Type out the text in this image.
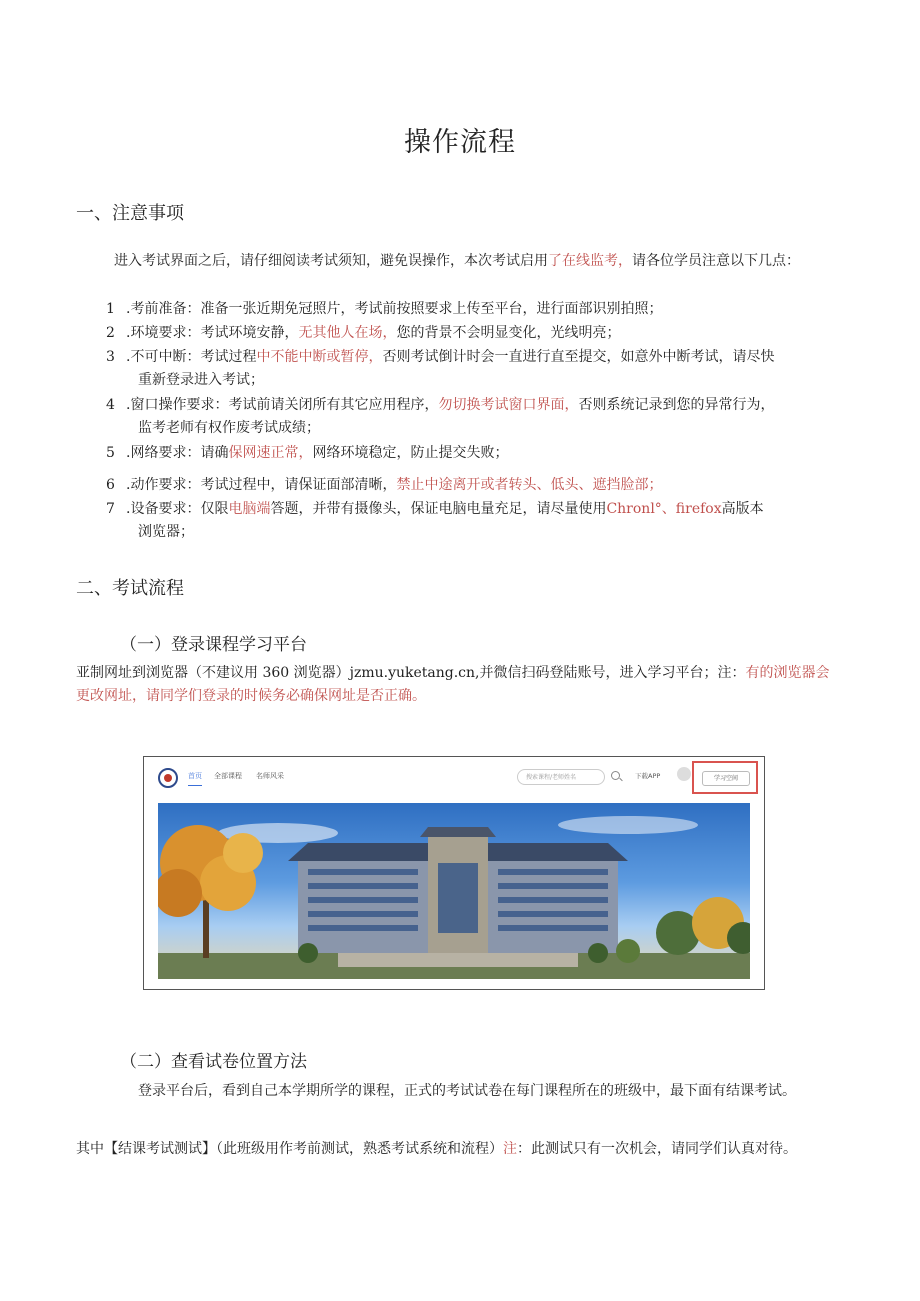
操作流程
一、注意事项
进入考试界面之后，请仔细阅读考试须知，避免误操作，本次考试启用了在线监考，请各位学员注意以下几点：
1 .考前准备：准备一张近期免冠照片，考试前按照要求上传至平台，进行面部识别拍照；
2 .环境要求：考试环境安静，无其他人在场，您的背景不会明显变化，光线明亮；
3 .不可中断：考试过程中不能中断或暂停，否则考试倒计时会一直进行直至提交，如意外中断考试，请尽快
重新登录进入考试；
4 .窗口操作要求：考试前请关闭所有其它应用程序，勿切换考试窗口界面，否则系统记录到您的异常行为，
监考老师有权作废考试成绩；
5 .网络要求：请确保网速正常，网络环境稳定，防止提交失败；
6 .动作要求：考试过程中，请保证面部清晰，禁止中途离开或者转头、低头、遮挡脸部；
7 .设备要求：仅限电脑端答题，并带有摄像头，保证电脑电量充足，请尽量使用Chronl°、firefox高版本
浏览器；
二、考试流程
（一）登录课程学习平台
亚制网址到浏览器（不建议用 360 浏览器）jzmu.yuketang.cn,并微信扫码登陆账号，进入学习平台；注：有的浏览器会更改网址，请同学们登录的时候务必确保网址是否正确。
首页 全部课程 名师风采	搜索课程/老师姓名	下载APP	学习空间
（二）查看试卷位置方法
登录平台后，看到自己本学期所学的课程，正式的考试试卷在每门课程所在的班级中，最下面有结课考试。
其中【结课考试测试】（此班级用作考前测试，熟悉考试系统和流程）注：此测试只有一次机会，请同学们认真对待。
